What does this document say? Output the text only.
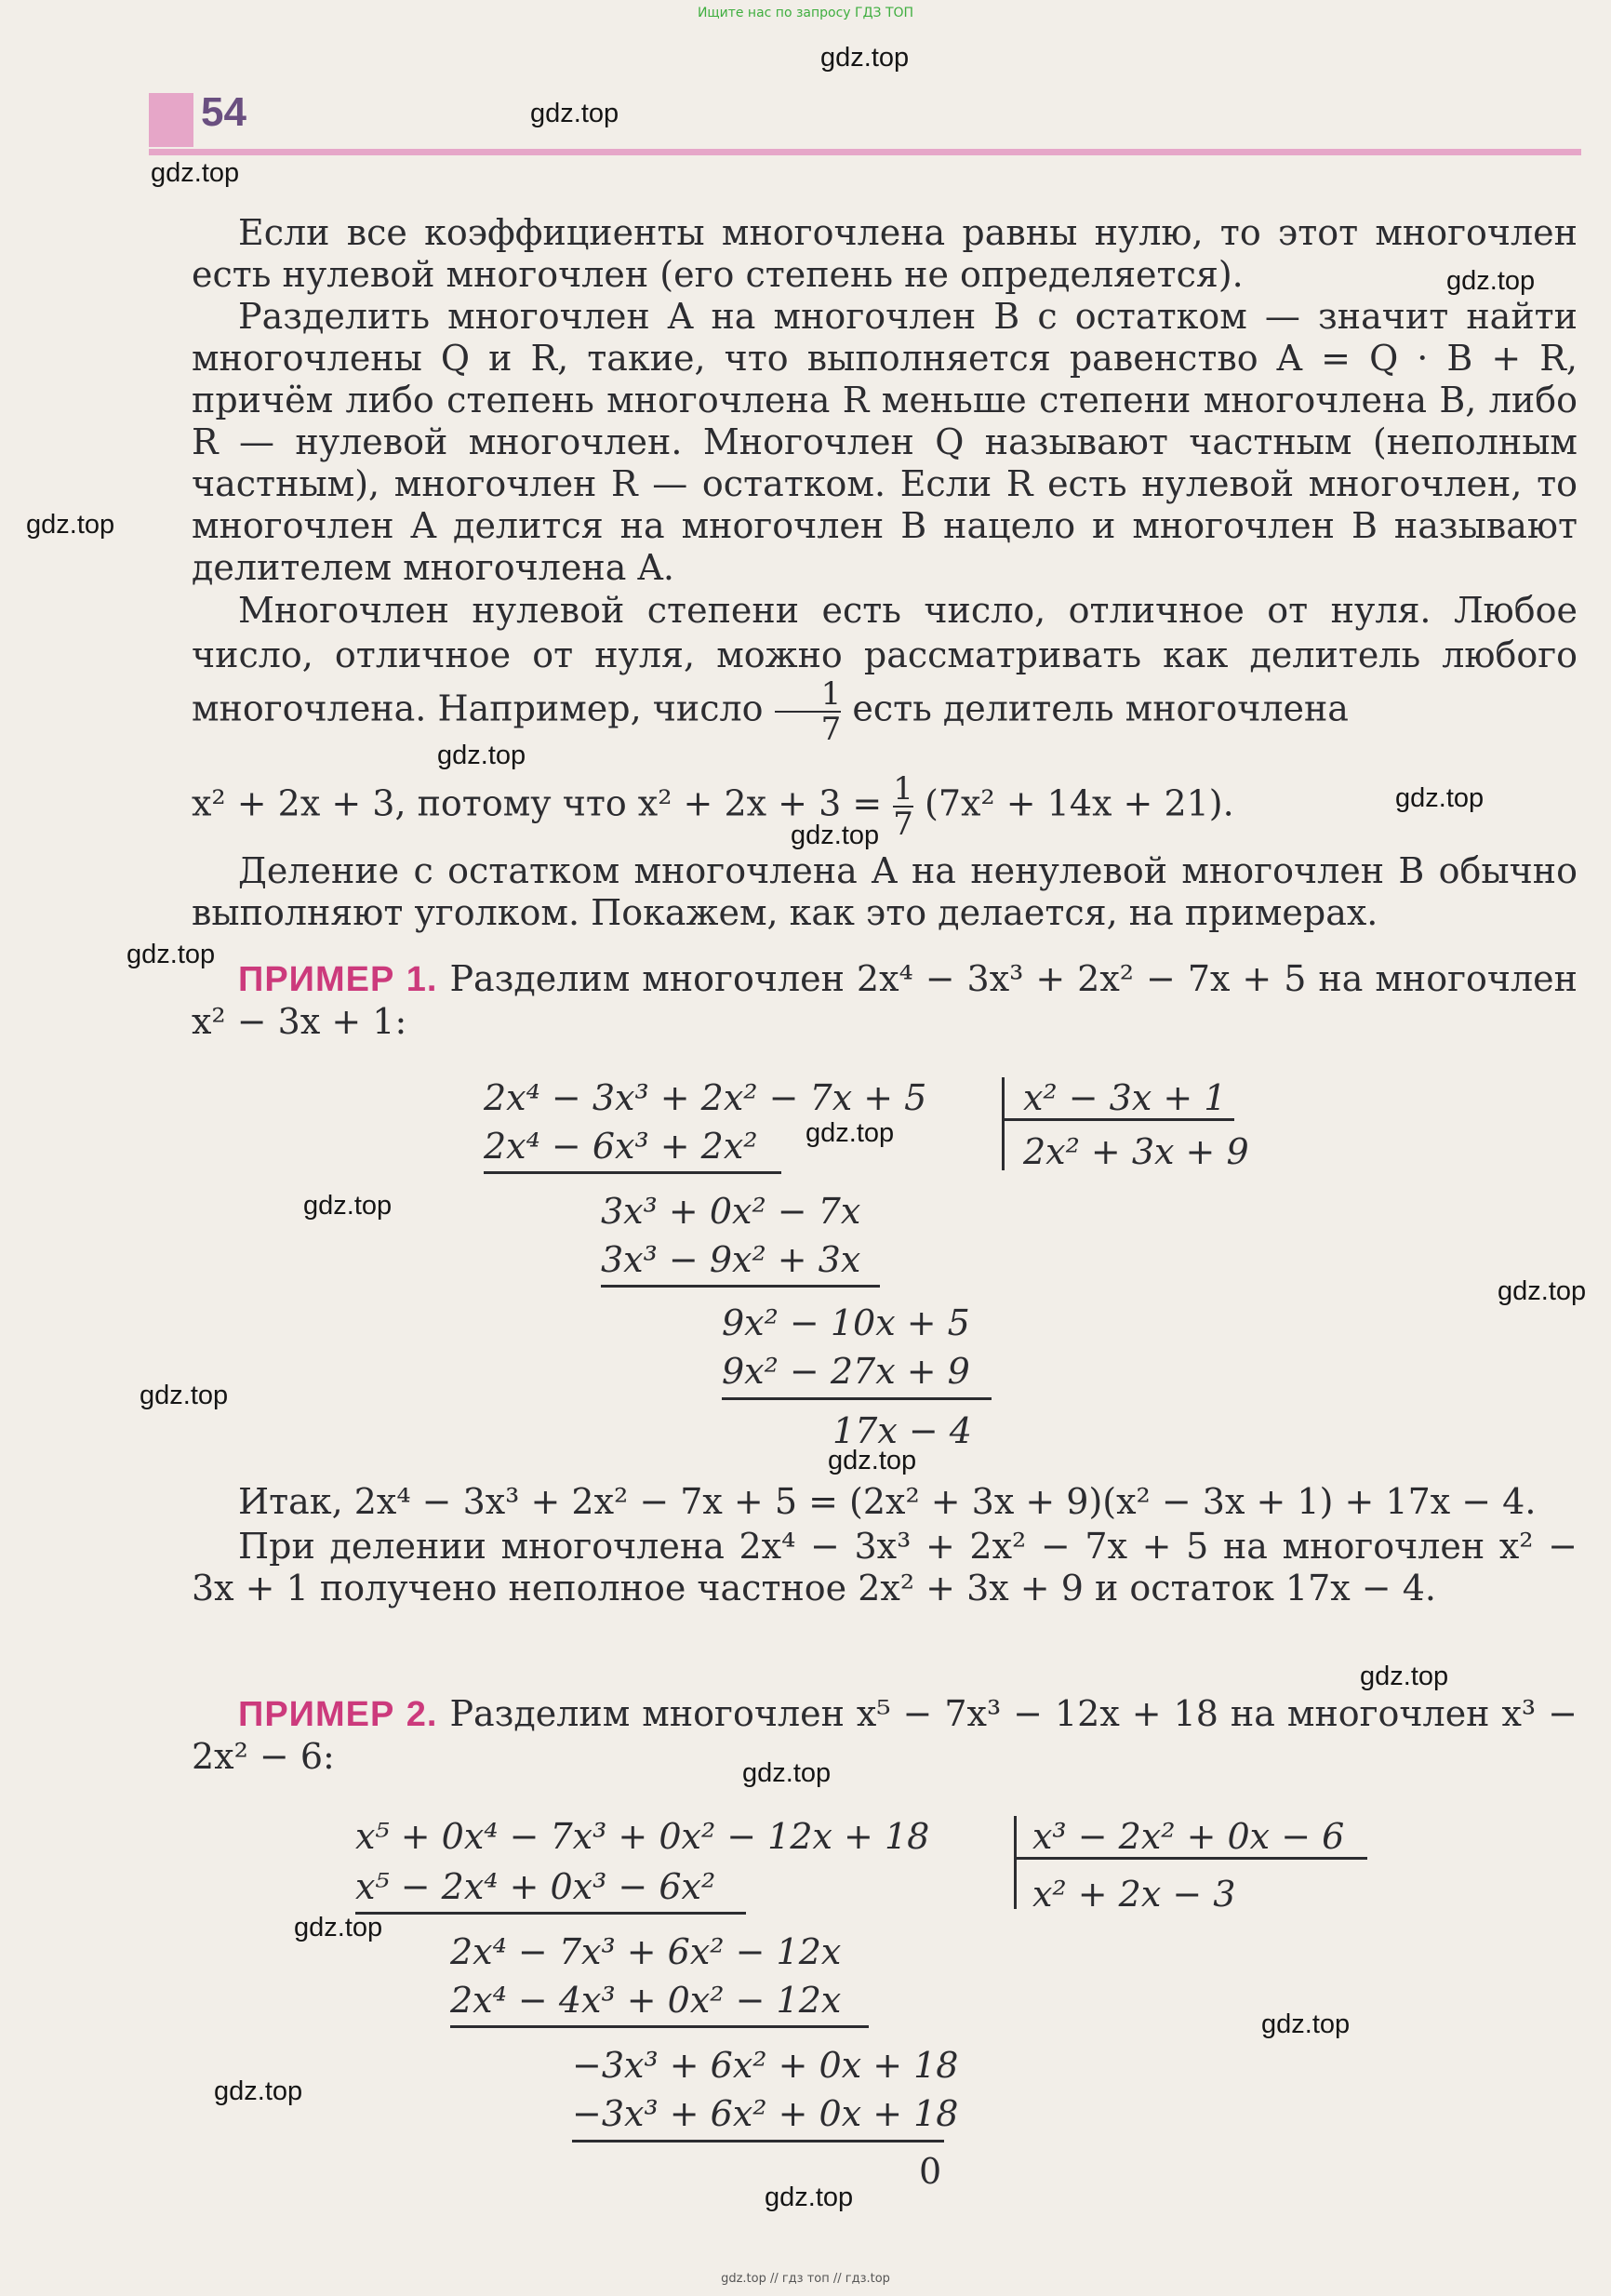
Ищите нас по запросу ГДЗ ТОП
gdz.top // гдз топ // гдз.top
54
Если все коэффициенты многочлена равны нулю, то этот многочлен есть нулевой многочлен (его степень не определяется).
Разделить многочлен A на многочлен B с остатком — значит найти многочлены Q и R, такие, что выполняется равенство A = Q · B + R, причём либо степень многочлена R меньше степени многочлена B, либо R — нулевой многочлен. Многочлен Q называют частным (неполным частным), многочлен R — остатком. Если R есть нулевой многочлен, то многочлен A делится на многочлен B нацело и многочлен B называют делителем многочлена A.
Многочлен нулевой степени есть число, отличное от нуля. Любое число, отличное от нуля, можно рассматривать как делитель любого многочлена. Например, число $\frac{1}{7}$ есть делитель многочлена
x² + 2x + 3, потому что $x^2 + 2x + 3 = \frac{1}{7} (7x^2 + 14x + 21)$.
Деление с остатком многочлена A на ненулевой многочлен B обычно выполняют уголком. Покажем, как это делается, на примерах.
ПРИМЕР 1. Разделим многочлен 2x⁴ − 3x³ + 2x² − 7x + 5 на многочлен x² − 3x + 1:
2x⁴ − 3x³ + 2x² − 7x + 5	x² − 3x + 1
2x² + 3x + 9
2x⁴ − 6x³ + 2x²
3x³ + 0x² − 7x
3x³ − 9x² + 3x
9x² − 10x + 5
9x² − 27x + 9
17x − 4
Итак, 2x⁴ − 3x³ + 2x² − 7x + 5 = (2x² + 3x + 9)(x² − 3x + 1) + 17x − 4.
При делении многочлена 2x⁴ − 3x³ + 2x² − 7x + 5 на многочлен x² − 3x + 1 получено неполное частное 2x² + 3x + 9 и остаток 17x − 4.
ПРИМЕР 2. Разделим многочлен x⁵ − 7x³ − 12x + 18 на многочлен x³ − 2x² − 6:
x⁵ + 0x⁴ − 7x³ + 0x² − 12x + 18	x³ − 2x² + 0x − 6
x² + 2x − 3
x⁵ − 2x⁴ + 0x³ − 6x²
2x⁴ − 7x³ + 6x² − 12x
2x⁴ − 4x³ + 0x² − 12x
−3x³ + 6x² + 0x + 18
−3x³ + 6x² + 0x + 18
0
gdz.top
gdz.top
gdz.top
gdz.top
gdz.top
gdz.top
gdz.top
gdz.top
gdz.top
gdz.top
gdz.top
gdz.top
gdz.top
gdz.top
gdz.top
gdz.top
gdz.top
gdz.top
gdz.top
gdz.top
